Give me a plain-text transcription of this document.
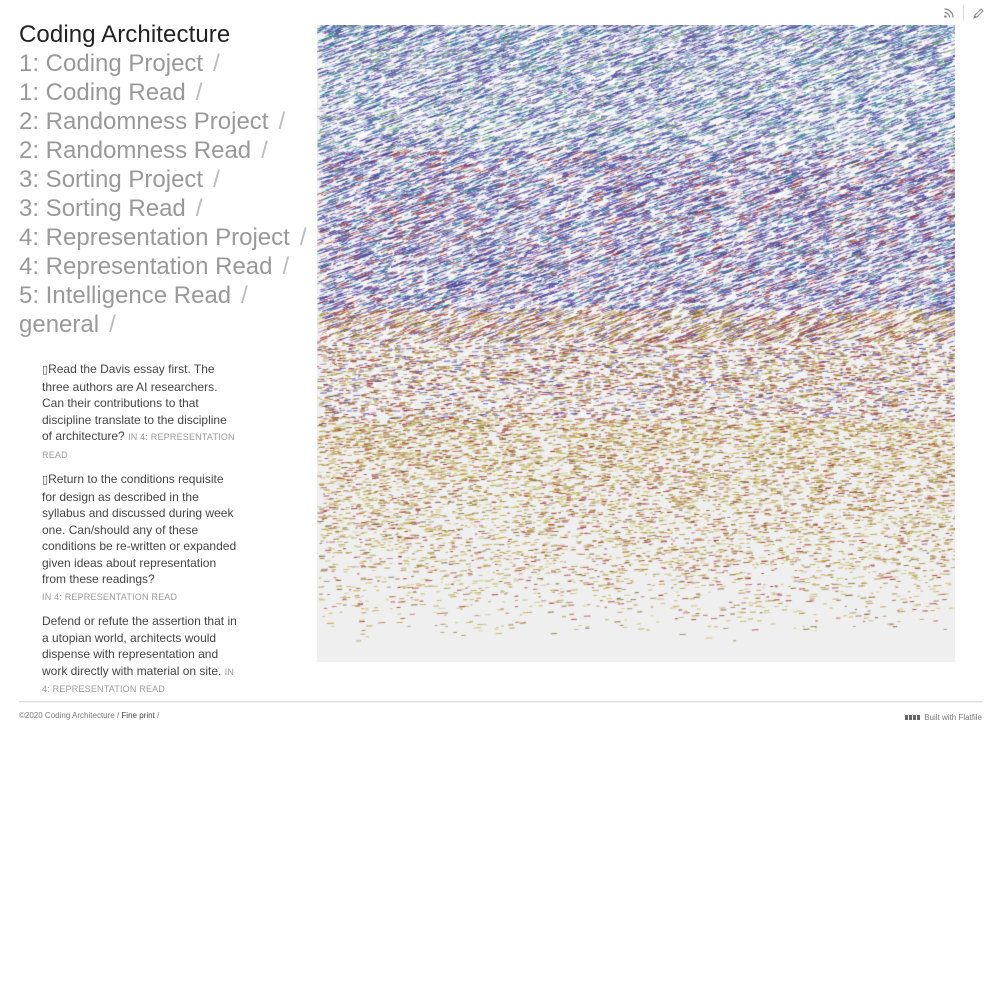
Coding Architecture
1: Coding Project /
1: Coding Read /
2: Randomness Project /
2: Randomness Read /
3: Sorting Project /
3: Sorting Read /
4: Representation Project /
4: Representation Read /
5: Intelligence Read /
general /
▯Read the Davis essay first. The three authors are AI researchers. Can their contributions to that discipline translate to the discipline of architecture? IN 4: REPRESENTATION READ
▯Return to the conditions requisite for design as described in the syllabus and discussed during week one. Can/should any of these conditions be re-written or expanded given ideas about representation from these readings?
IN 4: REPRESENTATION READ
Defend or refute the assertion that in a utopian world, architects would dispense with representation and work directly with material on site. IN 4: REPRESENTATION READ
©2020 Coding Architecture / Fine print /	Built with Flatfile
